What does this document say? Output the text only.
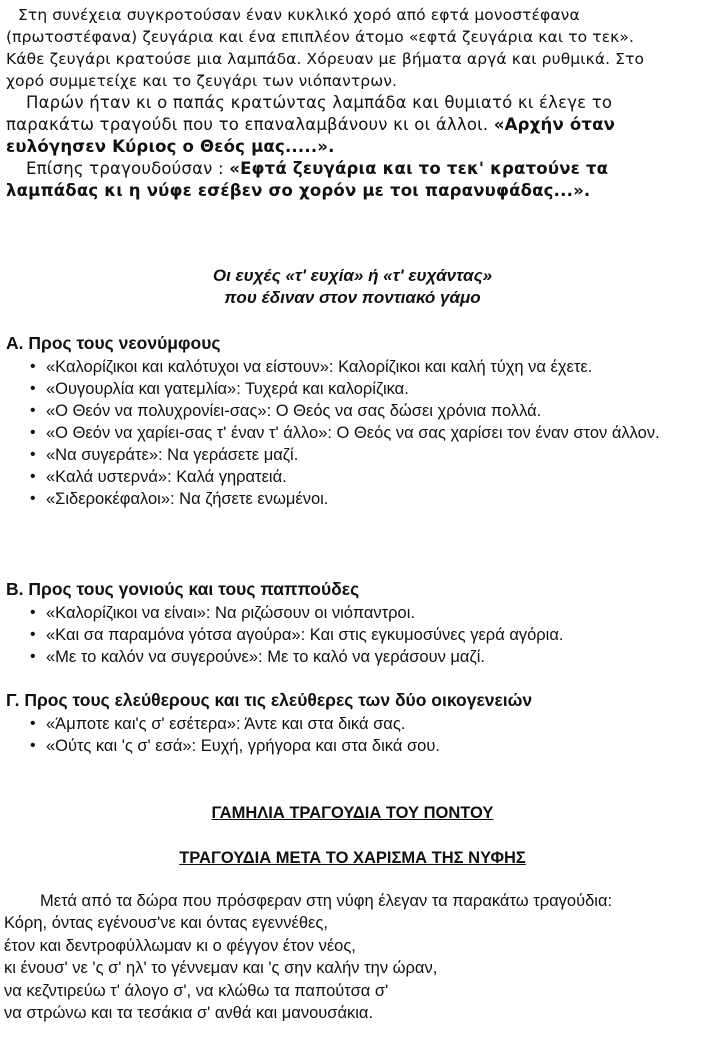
Στη συνέχεια συγκροτούσαν έναν κυκλικό χορό από εφτά μονοστέφανα
(πρωτοστέφανα) ζευγάρια και ένα επιπλέον άτομο «εφτά ζευγάρια και το τεκ».
Κάθε ζευγάρι κρατούσε μια λαμπάδα. Χόρευαν με βήματα αργά και ρυθμικά. Στο
χορό συμμετείχε και το ζευγάρι των νιόπαντρων.
Παρών ήταν κι ο παπάς κρατώντας λαμπάδα και θυμιατό κι έλεγε το παρακάτω τραγούδι που το επαναλαμβάνουν κι οι άλλοι. «Αρχήν όταν ευλόγησεν Κύριος ο Θεός μας.....».
Επίσης τραγουδούσαν : «Εφτά ζευγάρια και το τεκ' κρατούνε τα λαμπάδας κι η νύφε εσέβεν σο χορόν με τοι παρανυφάδας...».
Οι ευχές «τ' ευχία» ή «τ' ευχάντας»
που έδιναν στον ποντιακό γάμο
Α. Προς τους νεονύμφους
• «Καλορίζικοι και καλότυχοι να είστουν»: Καλορίζικοι και καλή τύχη να έχετε.
• «Ουγουρλία και γατεμλία»: Τυχερά και καλορίζικα.
• «Ο Θεόν να πολυχρονίει-σας»: Ο Θεός να σας δώσει χρόνια πολλά.
• «Ο Θεόν να χαρίει-σας τ' έναν τ' άλλο»: Ο Θεός να σας χαρίσει τον έναν στον άλλον.
• «Να συγεράτε»: Να γεράσετε μαζί.
• «Καλά υστερνά»: Καλά γηρατειά.
• «Σιδεροκέφαλοι»: Να ζήσετε ενωμένοι.
Β. Προς τους γονιούς και τους παππούδες
• «Καλορίζικοι να είναι»: Να ριζώσουν οι νιόπαντροι.
• «Και σα παραμόνα γότσα αγούρα»: Και στις εγκυμοσύνες γερά αγόρια.
• «Με το καλόν να συγερούνε»: Με το καλό να γεράσουν μαζί.
Γ. Προς τους ελεύθερους και τις ελεύθερες των δύο οικογενειών
• «Άμποτε και'ς σ' εσέτερα»: Άντε και στα δικά σας.
• «Ούτς και 'ς σ' εσά»: Ευχή, γρήγορα και στα δικά σου.
ΓΑΜΗΛΙΑ ΤΡΑΓΟΥΔΙΑ ΤΟΥ ΠΟΝΤΟΥ
ΤΡΑΓΟΥΔΙΑ ΜΕΤΑ ΤΟ ΧΑΡΙΣΜΑ ΤΗΣ ΝΥΦΗΣ
Μετά από τα δώρα που πρόσφεραν στη νύφη έλεγαν τα παρακάτω τραγούδια:
Κόρη, όντας εγένουσ'νε και όντας εγεννέθες,
έτον και δεντροφύλλωμαν κι ο φέγγον έτον νέος,
κι ένουσ' νε 'ς σ' ηλ' το γέννεμαν και 'ς σην καλήν την ώραν,
να κεζντιρεύω τ' άλογο σ', να κλώθω τα παπούτσα σ'
να στρώνω και τα τεσάκια σ' ανθά και μανουσάκια.
